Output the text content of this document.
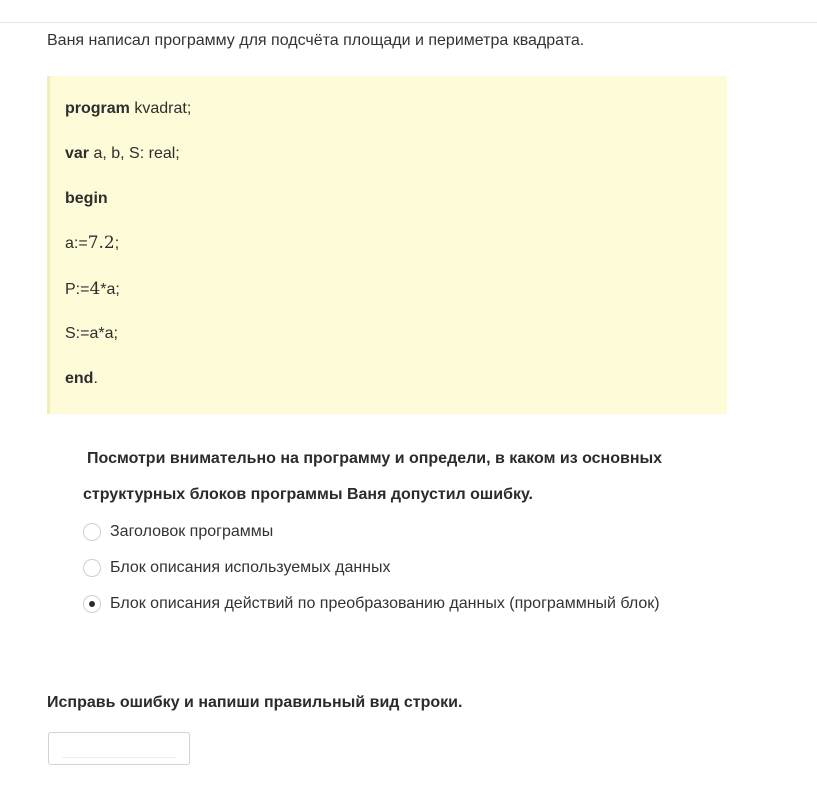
Ваня написал программу для подсчёта площади и периметра квадрата.
program kvadrat;
var a, b, S: real;
begin
a:=7.2;
P:=4*a;
S:=a*a;
end.
Посмотри внимательно на программу и определи, в каком из основных
структурных блоков программы Ваня допустил ошибку.
Заголовок программы
Блок описания используемых данных
Блок описания действий по преобразованию данных (программный блок)
Исправь ошибку и напиши правильный вид строки.
